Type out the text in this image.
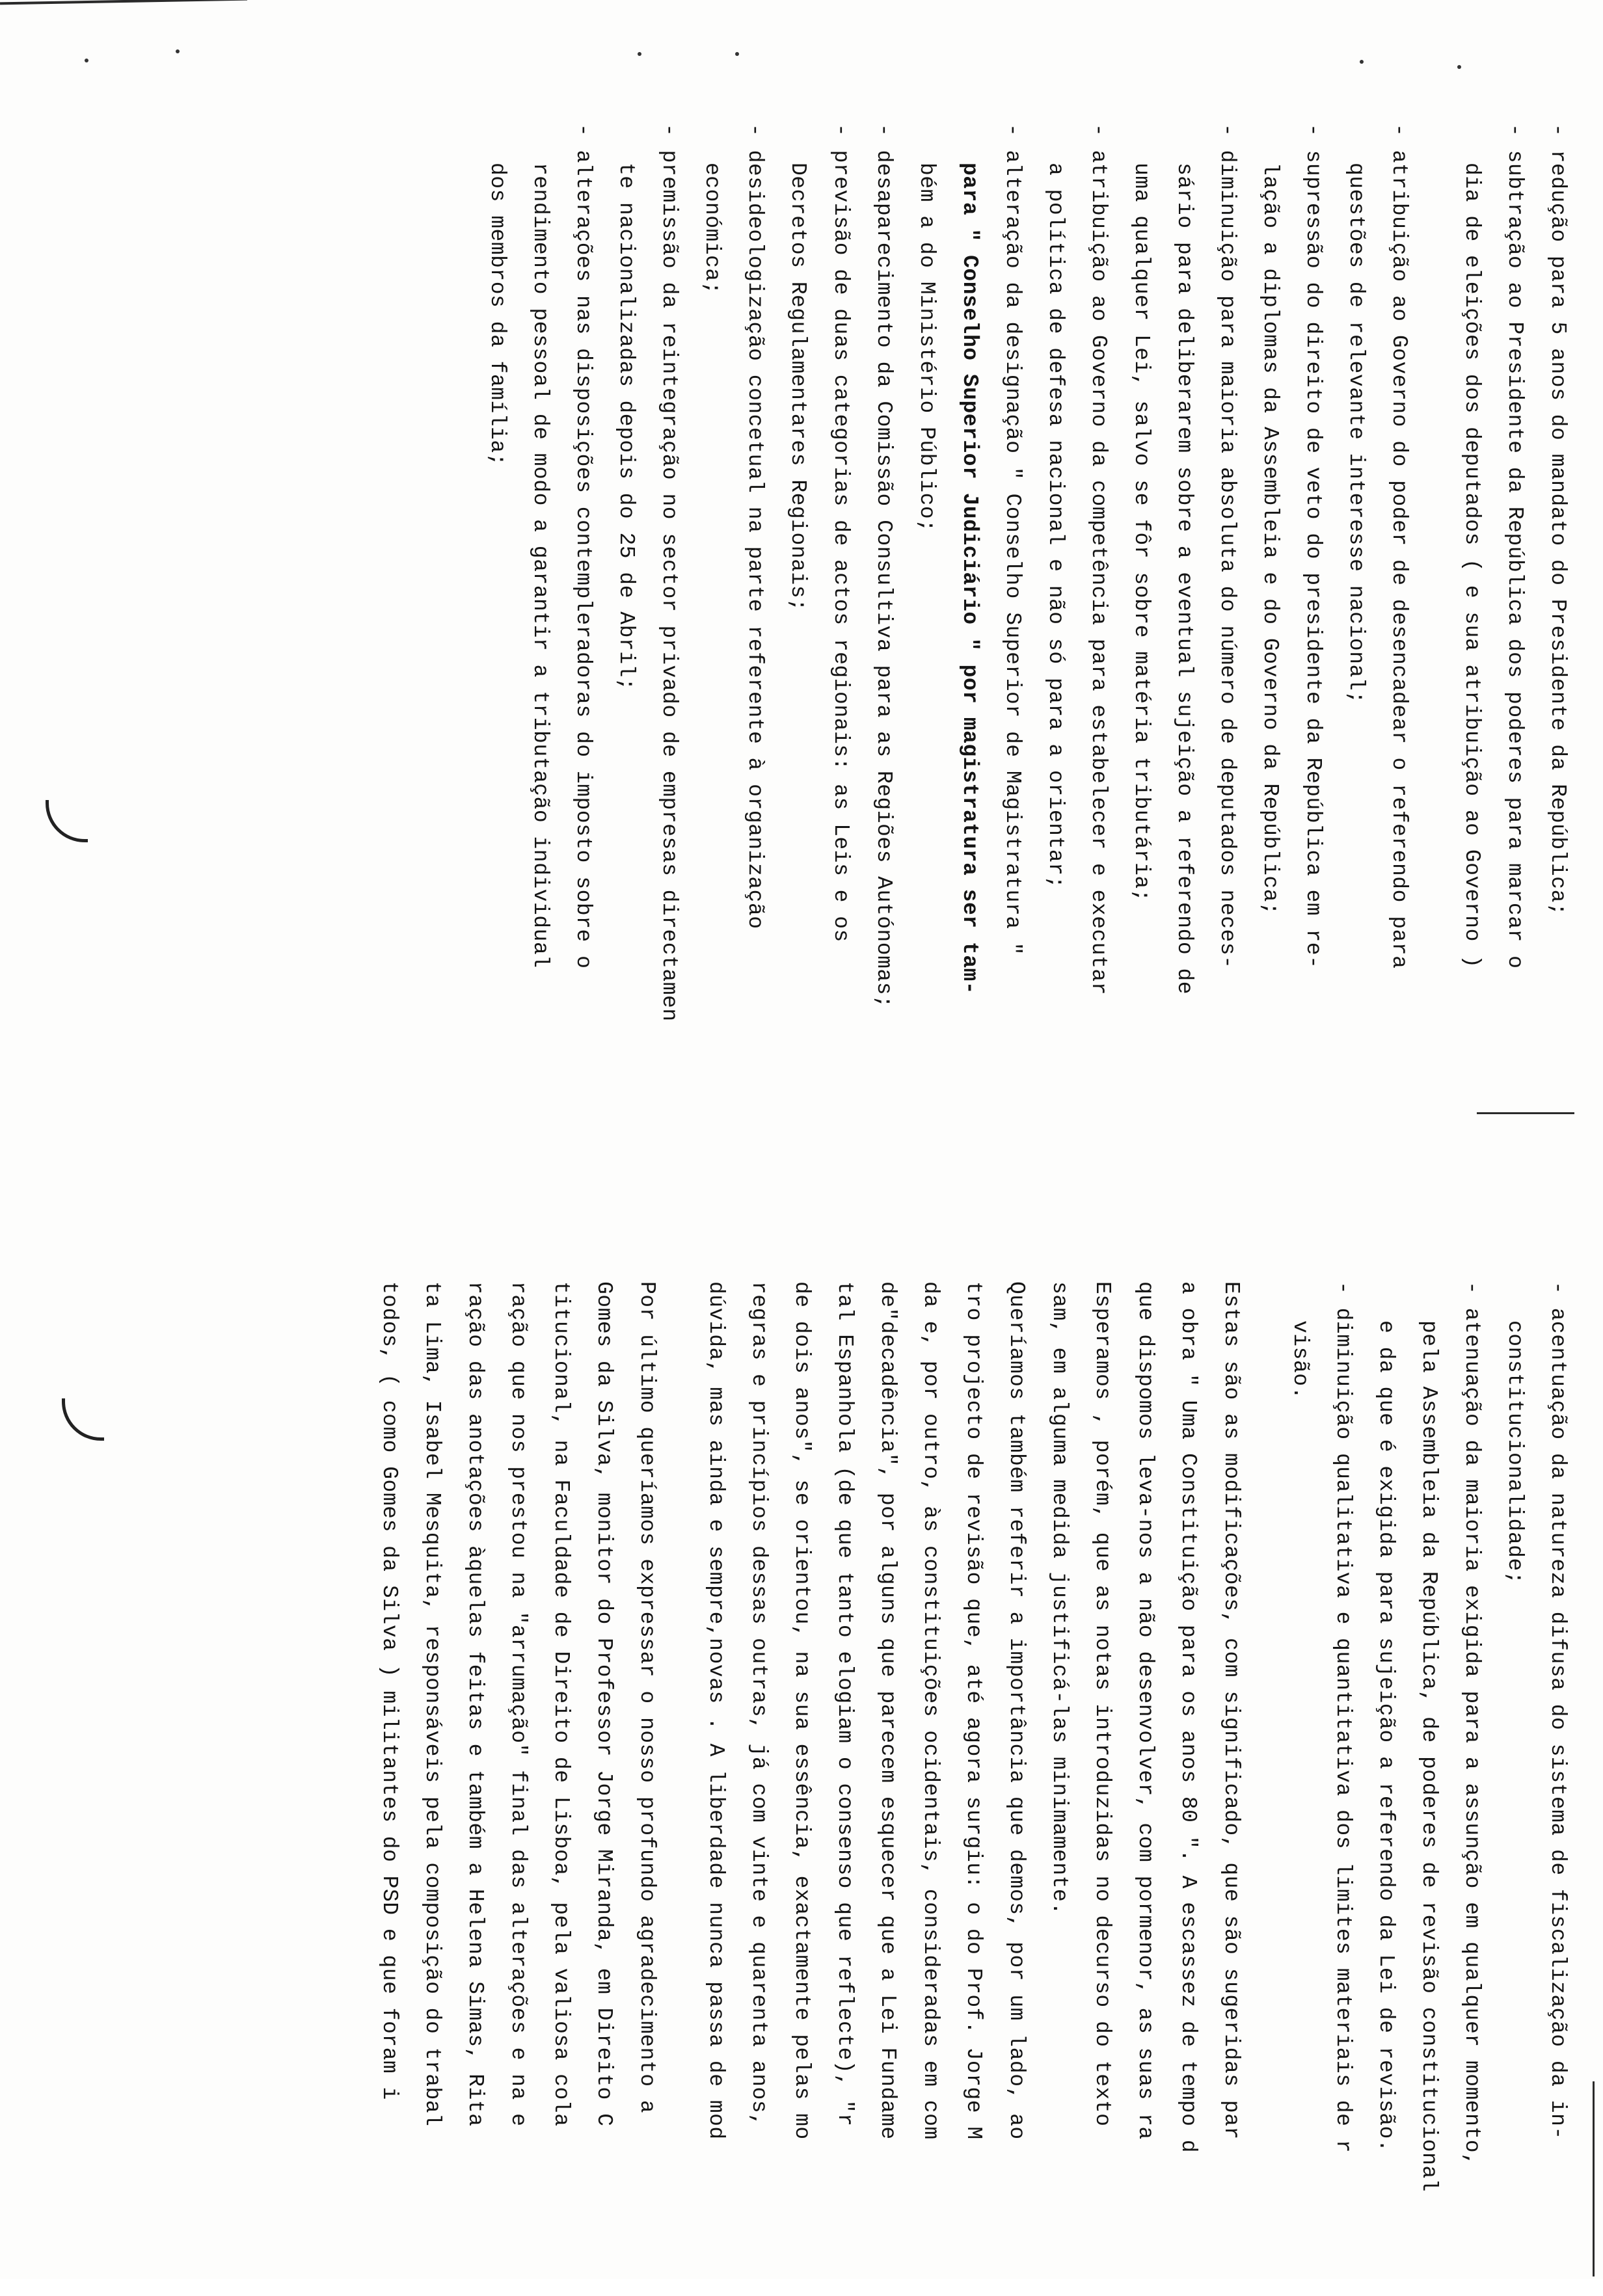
- redução para 5 anos do mandato do Presidente da República;
- subtração ao Presidente da República dos poderes para marcar o
dia de eleições dos deputados ( e sua atribuição ao Governo )
- atribuição ao Governo do poder de desencadear o referendo para
questões de relevante interesse nacional;
- supressão do direito de veto do presidente da República em re-
lação a diplomas da Assembleia e do Governo da República;
- diminuição para maioria absoluta do número de deputados neces-
sário para deliberarem sobre a eventual sujeição a referendo de
uma qualquer Lei, salvo se fôr sobre matéria tributária;
- atribuição ao Governo da competência para estabelecer e executar
a política de defesa nacional e não só para a orientar;
- alteração da designação " Conselho Superior de Magistratura "
para " Conselho Superior Judiciário " por magistratura ser tam-
bém a do Ministério Público;
- desaparecimento da Comissão Consultiva para as Regiões Autónomas;
- previsão de duas categorias de actos regionais: as Leis e os
Decretos Regulamentares Regionais;
- desideologização concetual na parte referente à organização
económica;
- premissão da reintegração no sector privado de empresas directamen
te nacionalizadas depois do 25 de Abril;
- alterações nas disposições contempleradoras do imposto sobre o
rendimento pessoal de modo a garantir a tributação individual
dos membros da família;
- acentuação da natureza difusa do sistema de fiscalização da in-
constitucionalidade;
- atenuação da maioria exigida para a assunção em qualquer momento,
pela Assembleia da República, de poderes de revisão constitucional
e da que é exigida para sujeição a referendo da Lei de revisão.
- diminuição qualitativa e quantitativa dos limites materiais de r
visão.
Estas são as modificações, com significado, que são sugeridas par
a obra " Uma Constituição para os anos 80 ". A escassez de tempo d
que dispomos leva-nos a não desenvolver, com pormenor, as suas ra
Esperamos , porém, que as notas introduzidas no decurso do texto
sam, em alguma medida justificá-las minimamente.
Queríamos também referir a importância que demos, por um lado, ao
tro projecto de revisão que, até agora surgiu: o do Prof. Jorge M
da e, por outro, às constituições ocidentais, consideradas em com
de"decadência", por alguns que parecem esquecer que a Lei Fundame
tal Espanhola (de que tanto elogiam o consenso que reflecte), "r
de dois anos", se orientou, na sua essência, exactamente pelas mo
regras e princípios dessas outras, já com vinte e quarenta anos,
dúvida, mas ainda e sempre,novas . A liberdade nunca passa de mod
Por último queríamos expressar o nosso profundo agradecimento a
Gomes da Silva, monitor do Professor Jorge Miranda, em Direito C
titucional, na Faculdade de Direito de Lisboa, pela valiosa cola
ração que nos prestou na "arrumação" final das alterações e na e
ração das anotações àquelas feitas e também a Helena Simas, Rita
ta Lima, Isabel Mesquita, responsáveis pela composição do trabal
todos, ( como Gomes da Silva ) militantes do PSD e que foram i
